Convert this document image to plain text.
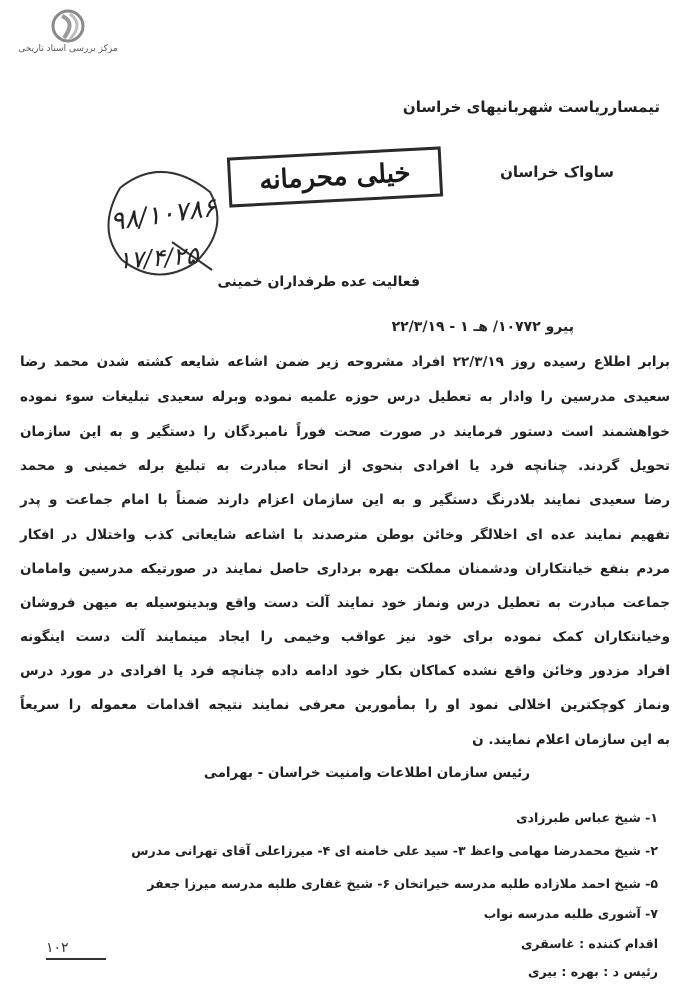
مرکز بررسی اسناد تاریخی
تیمسارریاست شهربانیهای خراسان
ساواک خراسان
خیلی محرمانه
۹۸/۱۰۷۸۶
۱۷/۴/۲۵
فعالیت عده طرفداران خمینی
پیرو ۱۰۷۷۲/ هـ ۱ - ۲۲/۳/۱۹
برابر اطلاع رسیده روز ۲۲/۳/۱۹ افراد مشروحه زیر ضمن اشاعه شایعه کشته شدن محمد رضا
سعیدی مدرسین را وادار به تعطیل درس حوزه علمیه نموده وبرله سعیدی تبلیغات سوء نموده
خواهشمند است دستور فرمایند در صورت صحت فوراً نامبردگان را دستگیر و به این سازمان
تحویل گردند. چنانچه فرد یا افرادی بنحوی از انحاء مبادرت به تبلیغ برله خمینی و محمد
رضا سعیدی نمایند بلادرنگ دستگیر و به این سازمان اعزام دارند ضمناً با امام جماعت و پدر
تفهیم نمایند عده ای اخلالگر وخائن بوطن مترصدند با اشاعه شایعاتی کذب واختلال در افکار
مردم بنفع خیانتکاران ودشمنان مملکت بهره برداری حاصل نمایند در صورتیکه مدرسین وامامان
جماعت مبادرت به تعطیل درس ونماز خود نمایند آلت دست واقع وبدینوسیله به میهن فروشان
وخیانتکاران کمک نموده برای خود نیز عواقب وخیمی را ایجاد مینمایند آلت دست اینگونه
افراد مزدور وخائن واقع نشده کماکان بکار خود ادامه داده چنانچه فرد یا افرادی در مورد درس
ونماز کوچکترین اخلالی نمود او را بمأمورین معرفی نمایند نتیجه اقدامات معموله را سریعاً
به این سازمان اعلام نمایند. ن
رئیس سازمان اطلاعات وامنیت خراسان - بهرامی
۱- شیخ عباس طبرزادی
۲- شیخ محمدرضا مهامی واعظ ۳- سید علی خامنه ای ۴- میرزاعلی آقای تهرانی مدرس
۵- شیخ احمد ملازاده طلبه مدرسه خیراتخان ۶- شیخ غفاری طلبه مدرسه میرزا جعفر
۷- آشوری طلبه مدرسه نواب
اقدام کننده : غاسقری
رئیس د : بهره : بیری
۱۰۲
